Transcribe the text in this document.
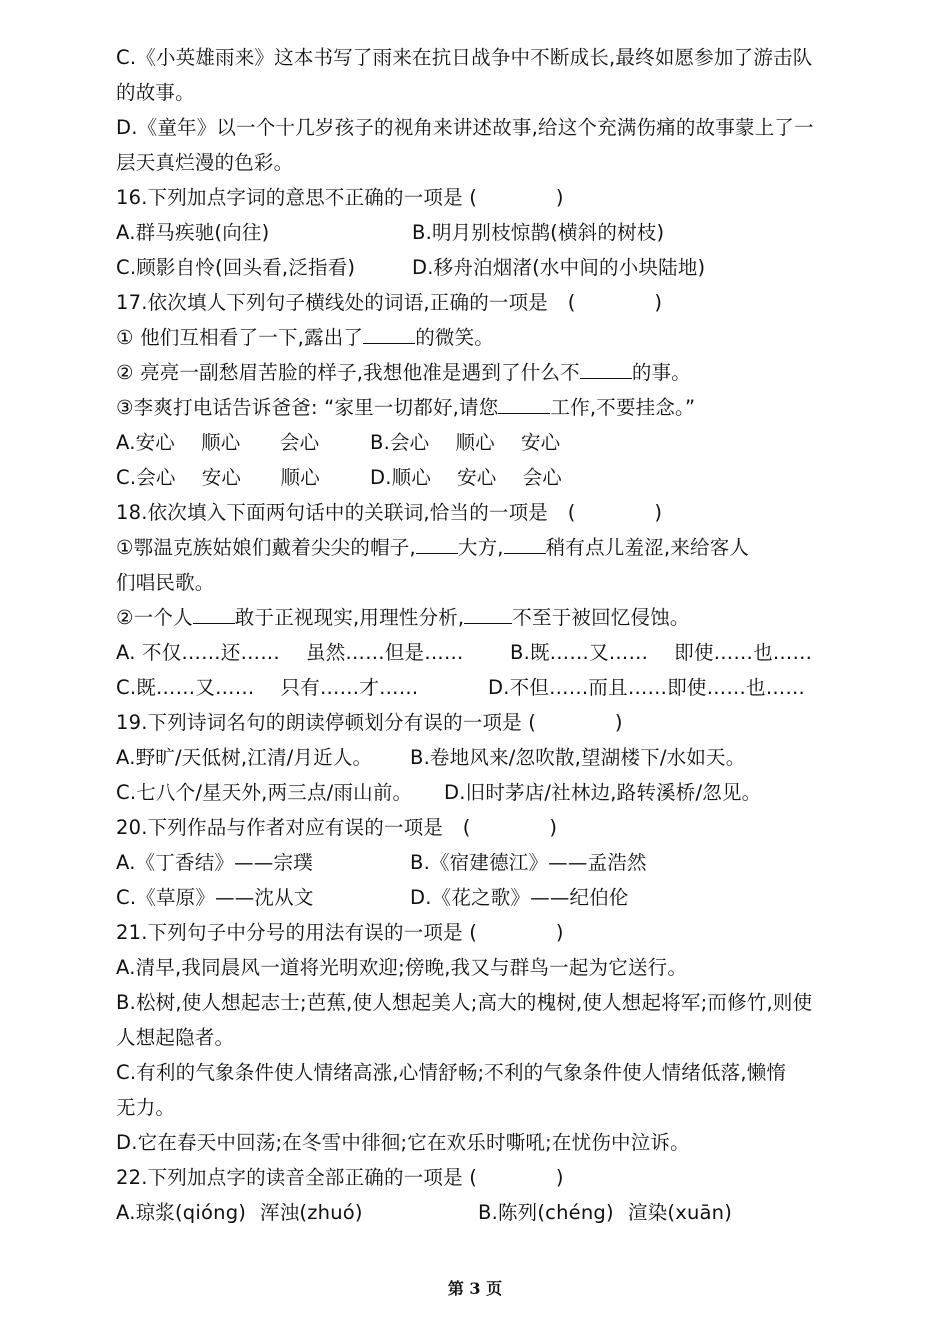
C.《小英雄雨来》这本书写了雨来在抗日战争中不断成长,最终如愿参加了游击队
的故事。
D.《童年》以一个十几岁孩子的视角来讲述故事,给这个充满伤痛的故事蒙上了一
层天真烂漫的色彩。
16.下列加点字词的意思不正确的一项是 (　　　　)
A.群马疾驰(向往)	B.明月别枝惊鹊(横斜的树枝)
C.顾影自怜(回头看,泛指看)	D.移舟泊烟渚(水中间的小块陆地)
17.依次填人下列句子横线处的词语,正确的一项是　(　　　　)
① 他们互相看了一下,露出了	的微笑。
② 亮亮一副愁眉苦脸的样子,我想他准是遇到了什么不	的事。
③李爽打电话告诉爸爸: “家里一切都好,请您	工作,不要挂念。”
A.安心　 顺心　　会心	B.会心　 顺心　 安心
C.会心　 安心　　顺心	D.顺心　 安心　 会心
18.依次填入下面两句话中的关联词,恰当的一项是　(　　　　)
①鄂温克族姑娘们戴着尖尖的帽子, 大方, 稍有点儿羞涩,来给客人
们唱民歌。
②一个人 敢于正视现实,用理性分析, 不至于被回忆侵蚀。
A. 不仅……还……　 虽然……但是…… B.既……又……　 即使……也……
C.既……又……　 只有……才……	D.不但……而且……即使……也……
19.下列诗词名句的朗读停顿划分有误的一项是 (　　　　)
A.野旷/天低树,江清/月近人。 B.卷地风来/忽吹散,望湖楼下/水如天。
C.七八个/星天外,两三点/雨山前。 D.旧时茅店/社林边,路转溪桥/忽见。
20.下列作品与作者对应有误的一项是　(　　　　)
A.《丁香结》——宗璞	B.《宿建德江》——孟浩然
C.《草原》——沈从文	D.《花之歌》——纪伯伦
21.下列句子中分号的用法有误的一项是 (　　　　)
A.清早,我同晨风一道将光明欢迎;傍晚,我又与群鸟一起为它送行。
B.松树,使人想起志士;芭蕉,使人想起美人;高大的槐树,使人想起将军;而修竹,则使
人想起隐者。
C.有利的气象条件使人情绪高涨,心情舒畅;不利的气象条件使人情绪低落,懒惰
无力。
D.它在春天中回荡;在冬雪中徘徊;它在欢乐时嘶吼;在忧伤中泣诉。
22.下列加点字的读音全部正确的一项是 (　　　　)
A.琼浆(qióng) 浑浊(zhuó)	B.陈列(chéng) 渲染(xuān)
第 3 页
